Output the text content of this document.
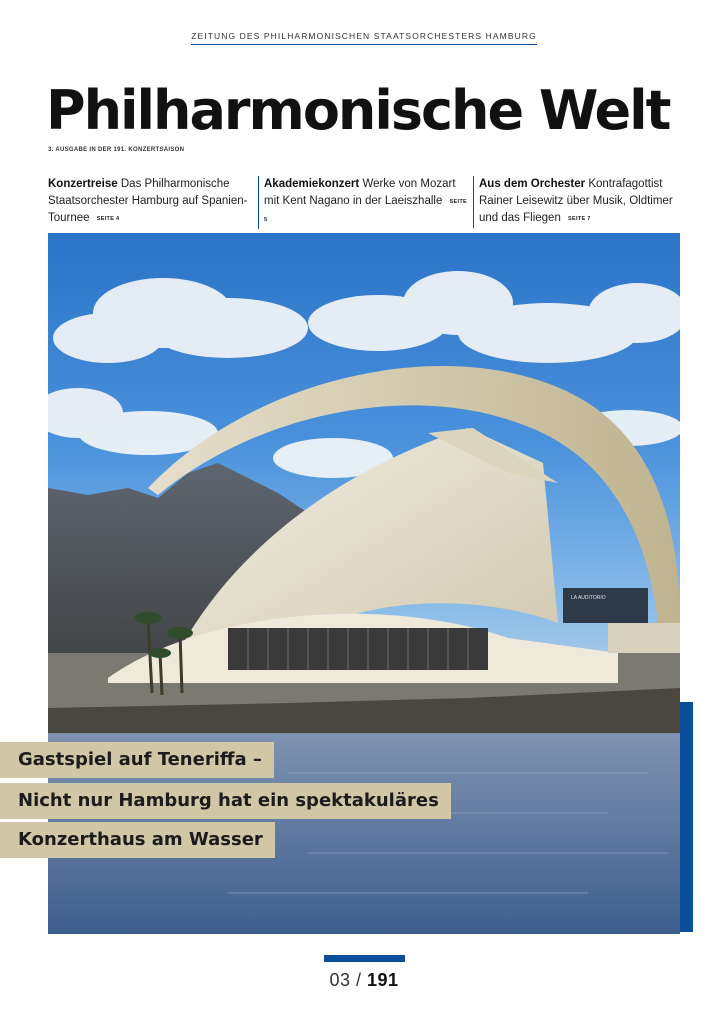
ZEITUNG DES PHILHARMONISCHEN STAATSORCHESTERS HAMBURG
Philharmonische Welt
3. AUSGABE IN DER 191. KONZERTSAISON
Konzertreise Das Philharmonische Staatsorchester Hamburg auf Spanien-Tournee SEITE 4
Akademiekonzert Werke von Mozart mit Kent Nagano in der Laeiszhalle SEITE 5
Aus dem Orchester Kontrafagottist Rainer Leisewitz über Musik, Oldtimer und das Fliegen SEITE 7
LA AUDITORIO
Gastspiel auf Teneriffa –
Nicht nur Hamburg hat ein spektakuläres
Konzerthaus am Wasser
03 / 191
